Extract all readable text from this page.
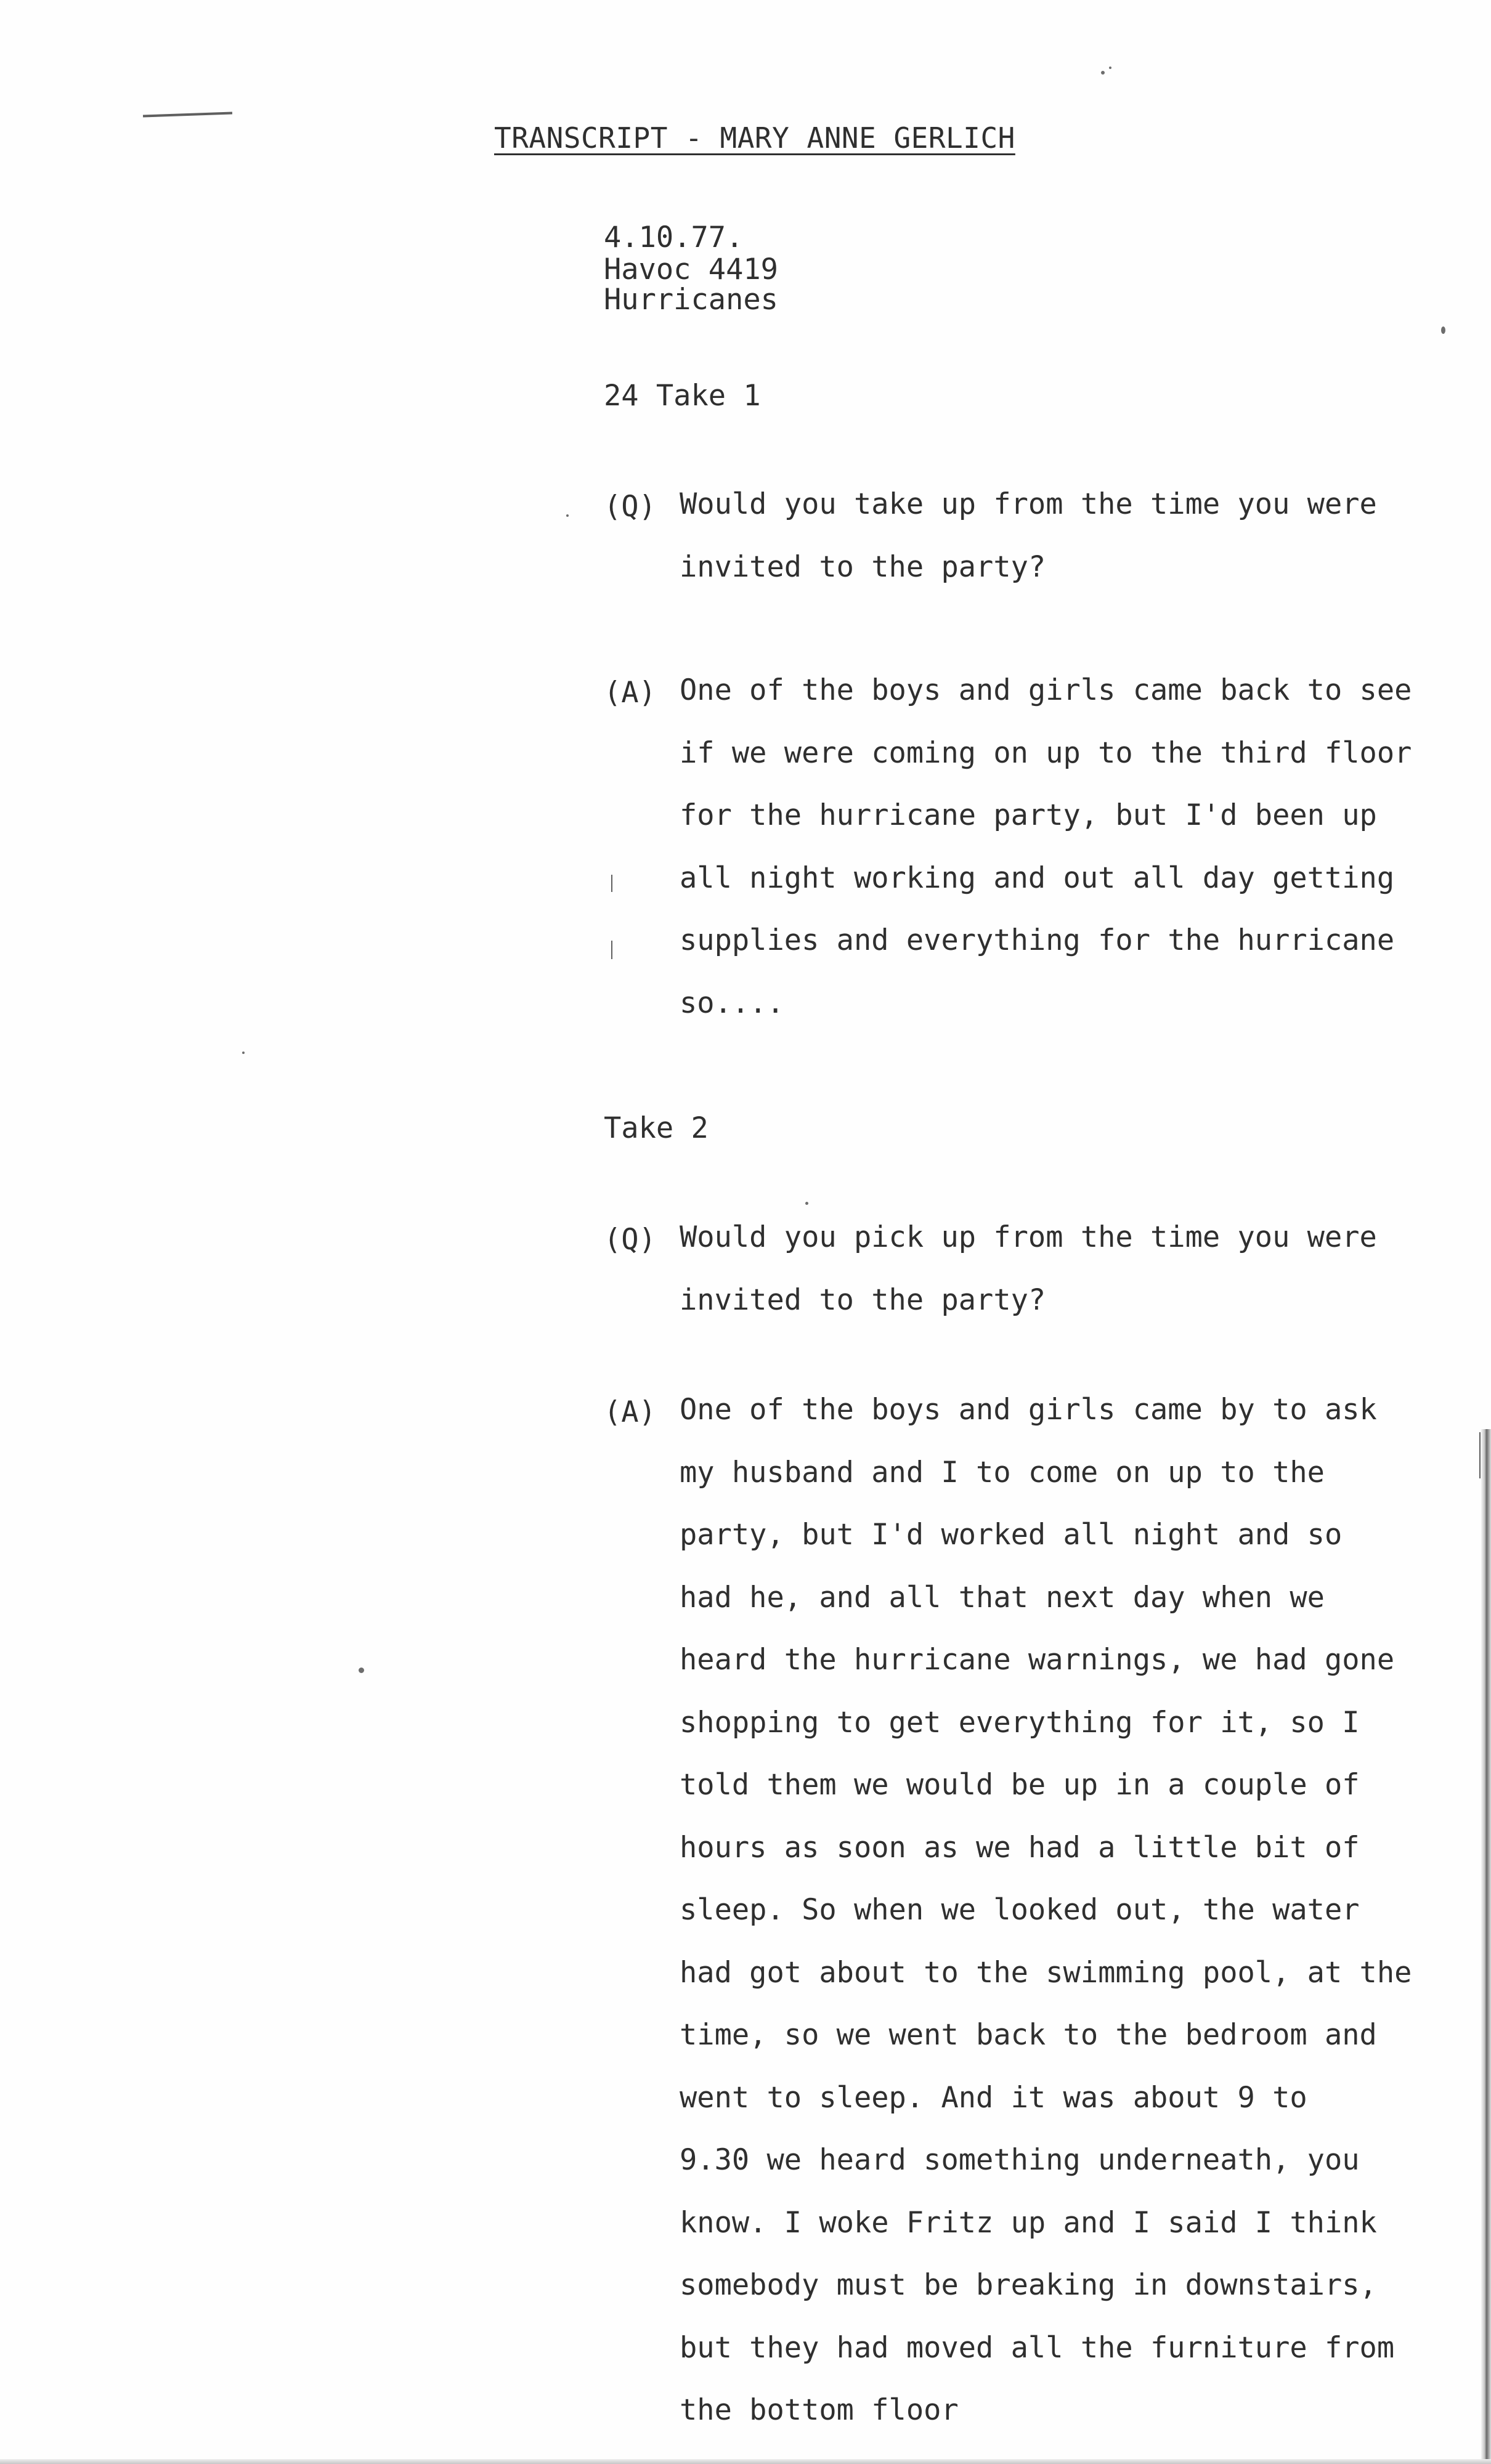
TRANSCRIPT - MARY ANNE GERLICH
4.10.77.
Havoc 4419
Hurricanes
24 Take 1
(Q) Would you take up from the time you were
invited to the party?
(A) One of the boys and girls came back to see
if we were coming on up to the third floor
for the hurricane party, but I'd been up
all night working and out all day getting
supplies and everything for the hurricane
so....
Take 2
(Q) Would you pick up from the time you were
invited to the party?
(A) One of the boys and girls came by to ask
my husband and I to come on up to the
party, but I'd worked all night and so
had he, and all that next day when we
heard the hurricane warnings, we had gone
shopping to get everything for it, so I
told them we would be up in a couple of
hours as soon as we had a little bit of
sleep. So when we looked out, the water
had got about to the swimming pool, at the
time, so we went back to the bedroom and
went to sleep. And it was about 9 to
9.30 we heard something underneath, you
know. I woke Fritz up and I said I think
somebody must be breaking in downstairs,
but they had moved all the furniture from
the bottom floor
